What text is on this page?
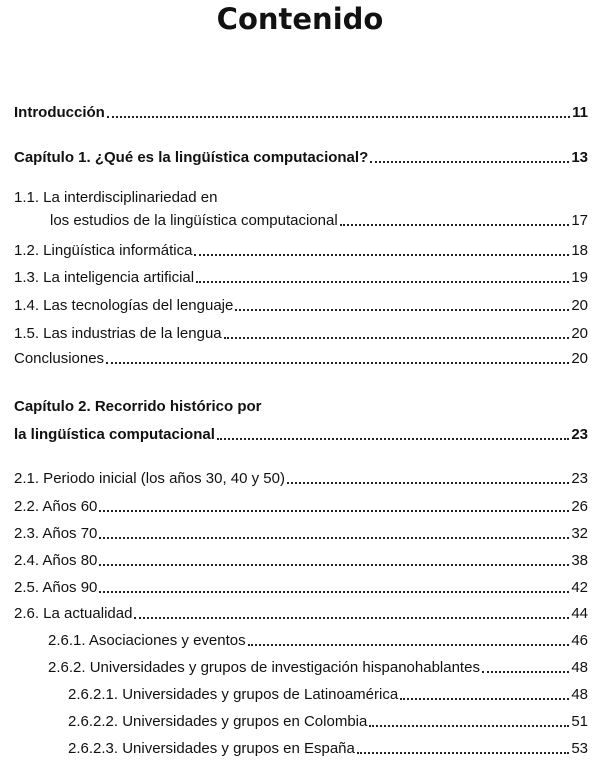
Contenido
Introducción	11
Capítulo 1. ¿Qué es la lingüística computacional?	13
1.1. La interdisciplinariedad en
los estudios de la lingüística computacional	17
1.2. Lingüística informática	18
1.3. La inteligencia artificial	19
1.4. Las tecnologías del lenguaje	20
1.5. Las industrias de la lengua	20
Conclusiones	20
Capítulo 2. Recorrido histórico por
la lingüística computacional	23
2.1. Periodo inicial (los años 30, 40 y 50)	23
2.2. Años 60	26
2.3. Años 70	32
2.4. Años 80	38
2.5. Años 90	42
2.6. La actualidad	44
2.6.1. Asociaciones y eventos	46
2.6.2. Universidades y grupos de investigación hispanohablantes	48
2.6.2.1. Universidades y grupos de Latinoamérica	48
2.6.2.2. Universidades y grupos en Colombia	51
2.6.2.3. Universidades y grupos en España	53
